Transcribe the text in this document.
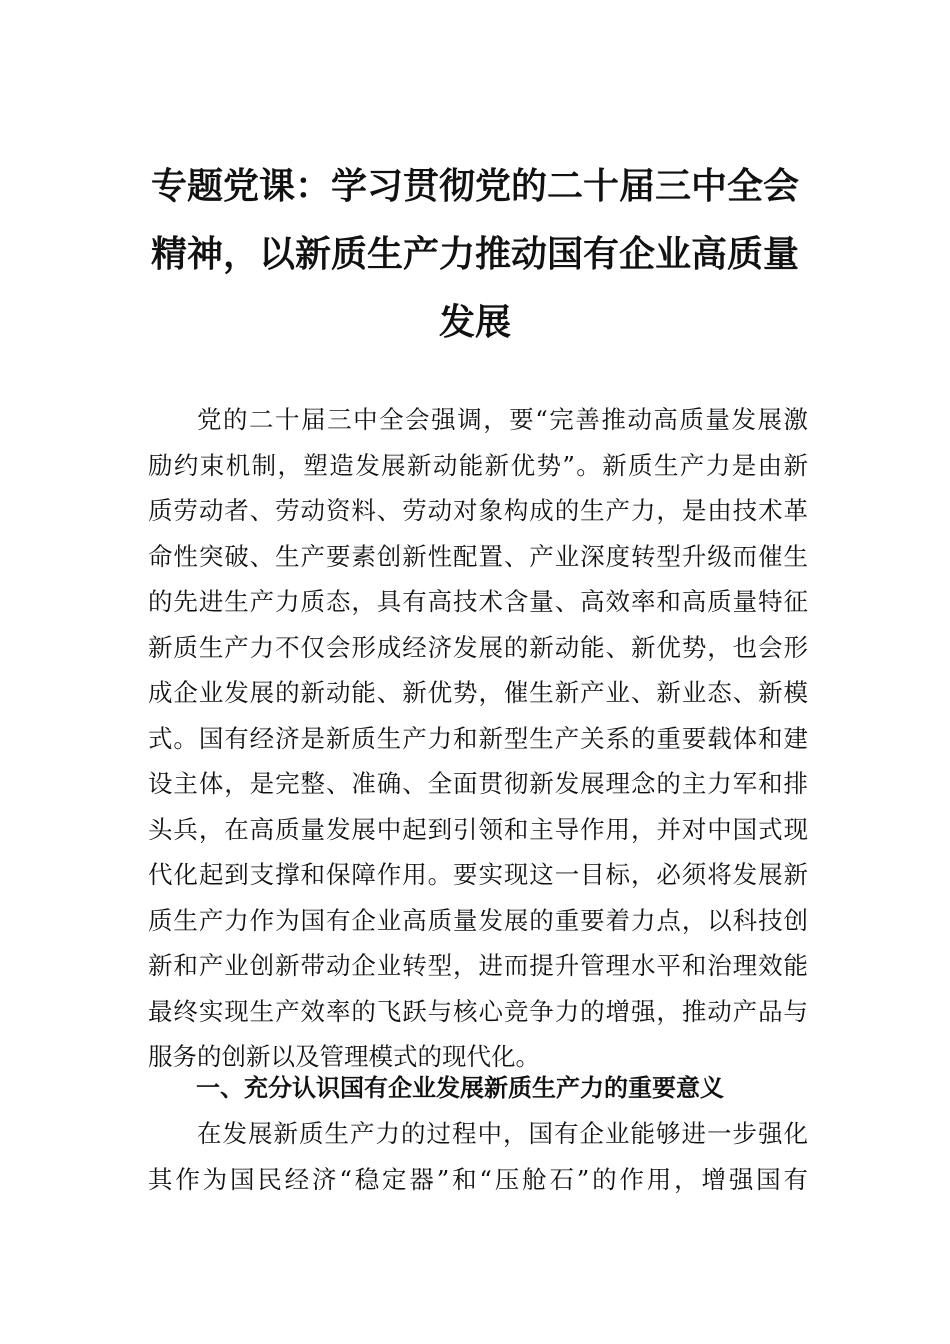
专题党课：学习贯彻党的二十届三中全会
精神，以新质生产力推动国有企业高质量
发展
党的二十届三中全会强调，要“完善推动高质量发展激
励约束机制，塑造发展新动能新优势”。新质生产力是由新
质劳动者、劳动资料、劳动对象构成的生产力，是由技术革
命性突破、生产要素创新性配置、产业深度转型升级而催生
的先进生产力质态，具有高技术含量、高效率和高质量特征
新质生产力不仅会形成经济发展的新动能、新优势，也会形
成企业发展的新动能、新优势，催生新产业、新业态、新模
式。国有经济是新质生产力和新型生产关系的重要载体和建
设主体，是完整、准确、全面贯彻新发展理念的主力军和排
头兵，在高质量发展中起到引领和主导作用，并对中国式现
代化起到支撑和保障作用。要实现这一目标，必须将发展新
质生产力作为国有企业高质量发展的重要着力点，以科技创
新和产业创新带动企业转型，进而提升管理水平和治理效能
最终实现生产效率的飞跃与核心竞争力的增强，推动产品与
服务的创新以及管理模式的现代化。
一、充分认识国有企业发展新质生产力的重要意义
在发展新质生产力的过程中，国有企业能够进一步强化
其作为国民经济“稳定器”和“压舱石”的作用，增强国有
